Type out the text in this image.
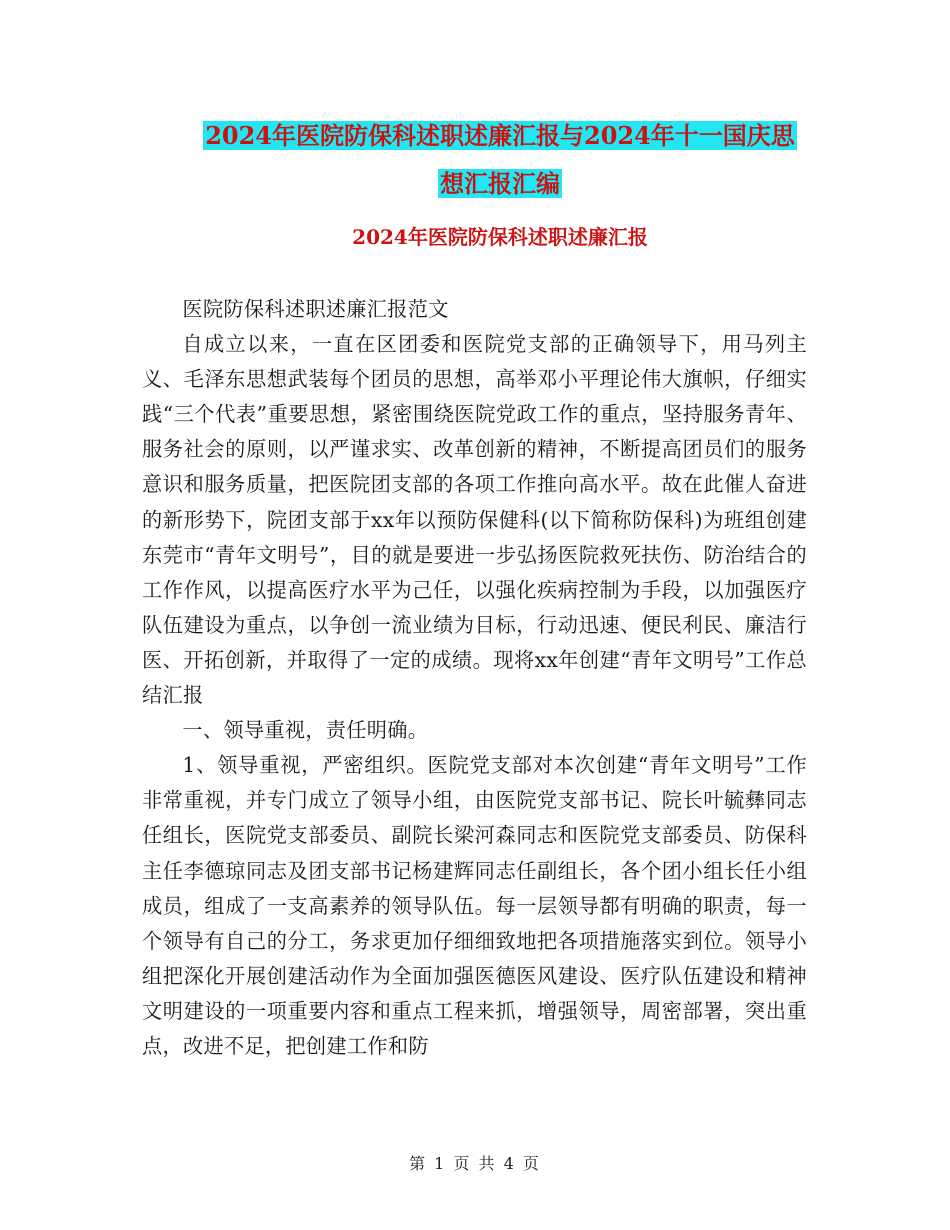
2024年医院防保科述职述廉汇报与2024年十一国庆思
想汇报汇编
2024年医院防保科述职述廉汇报

医院防保科述职述廉汇报范文

自成立以来，一直在区团委和医院党支部的正确领导下，用马列主义、毛泽东思想武装每个团员的思想，高举邓小平理论伟大旗帜，仔细实践“三个代表”重要思想，紧密围绕医院党政工作的重点，坚持服务青年、服务社会的原则，以严谨求实、改革创新的精神，不断提高团员们的服务意识和服务质量，把医院团支部的各项工作推向高水平。故在此催人奋进的新形势下，院团支部于xx年以预防保健科(以下简称防保科)为班组创建东莞市“青年文明号”，目的就是要进一步弘扬医院救死扶伤、防治结合的工作作风，以提高医疗水平为己任，以强化疾病控制为手段，以加强医疗队伍建设为重点，以争创一流业绩为目标，行动迅速、便民利民、廉洁行医、开拓创新，并取得了一定的成绩。现将xx年创建“青年文明号”工作总结汇报

一、领导重视，责任明确。

1、领导重视，严密组织。医院党支部对本次创建“青年文明号”工作非常重视，并专门成立了领导小组，由医院党支部书记、院长叶毓彝同志任组长，医院党支部委员、副院长梁河森同志和医院党支部委员、防保科主任李德琼同志及团支部书记杨建辉同志任副组长，各个团小组长任小组成员，组成了一支高素养的领导队伍。每一层领导都有明确的职责，每一个领导有自己的分工，务求更加仔细细致地把各项措施落实到位。领导小组把深化开展创建活动作为全面加强医德医风建设、医疗队伍建设和精神文明建设的一项重要内容和重点工程来抓，增强领导，周密部署，突出重点，改进不足，把创建工作和防

第 1 页 共 4 页
